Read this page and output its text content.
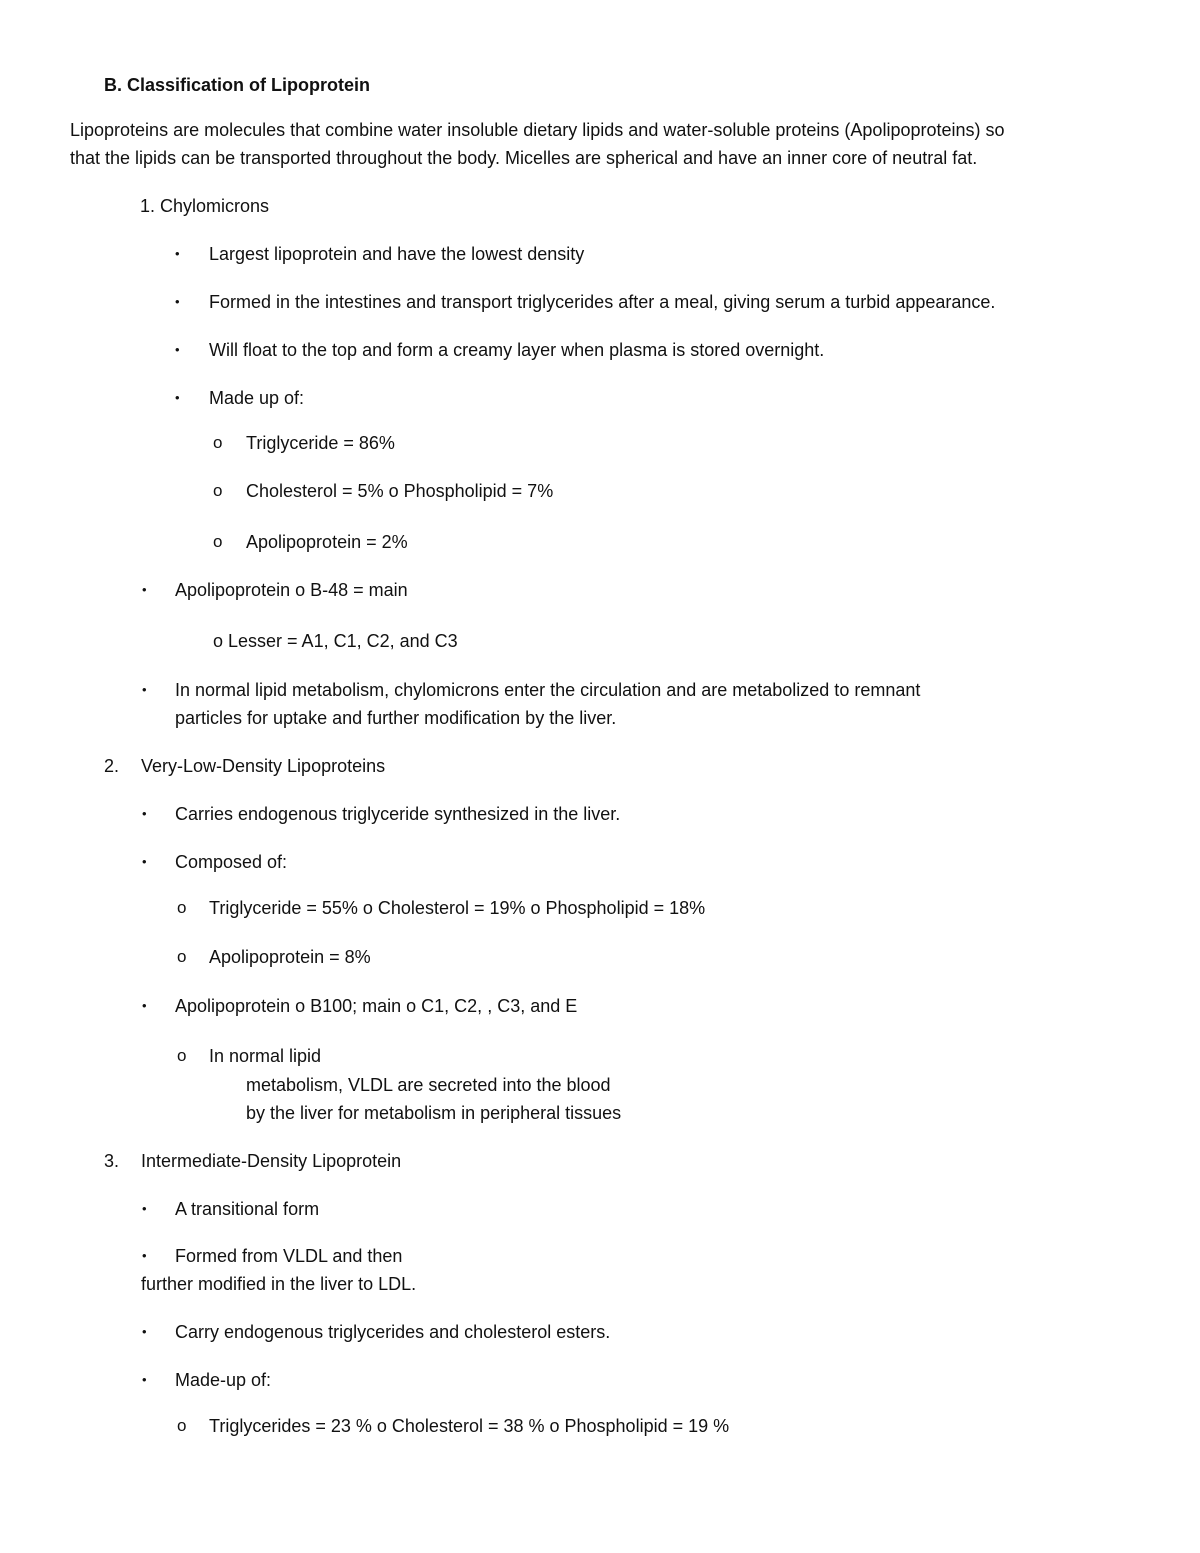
B. Classification of Lipoprotein
Lipoproteins are molecules that combine water insoluble dietary lipids and water-soluble proteins (Apolipoproteins) so
that the lipids can be transported throughout the body. Micelles are spherical and have an inner core of neutral fat.
1. Chylomicrons
• Largest lipoprotein and have the lowest density
• Formed in the intestines and transport triglycerides after a meal, giving serum a turbid appearance.
• Will float to the top and form a creamy layer when plasma is stored overnight.
• Made up of:
o Triglyceride = 86%
o Cholesterol = 5% o Phospholipid = 7%
o Apolipoprotein = 2%
• Apolipoprotein o B-48 = main
o Lesser = A1, C1, C2, and C3
• In normal lipid metabolism, chylomicrons enter the circulation and are metabolized to remnant
particles for uptake and further modification by the liver.
2. Very-Low-Density Lipoproteins
• Carries endogenous triglyceride synthesized in the liver.
• Composed of:
o Triglyceride = 55% o Cholesterol = 19% o Phospholipid = 18%
o Apolipoprotein = 8%
• Apolipoprotein o B100; main o C1, C2, , C3, and E
o In normal lipid
metabolism, VLDL are secreted into the blood
by the liver for metabolism in peripheral tissues
3. Intermediate-Density Lipoprotein
• A transitional form
• Formed from VLDL and then
further modified in the liver to LDL.
• Carry endogenous triglycerides and cholesterol esters.
• Made-up of:
o Triglycerides = 23 % o Cholesterol = 38 % o Phospholipid = 19 %
